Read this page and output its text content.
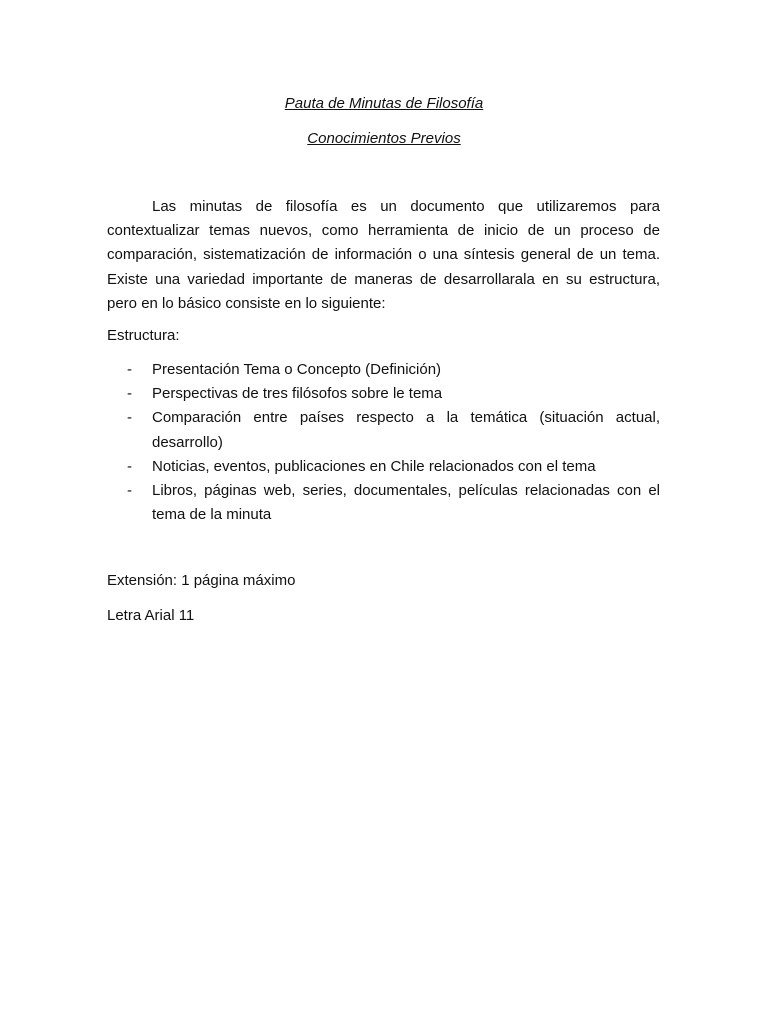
Pauta de Minutas de Filosofía
Conocimientos Previos

Las minutas de filosofía es un documento que utilizaremos para contextualizar temas nuevos, como herramienta de inicio de un proceso de comparación, sistematización de información o una síntesis general de un tema. Existe una variedad importante de maneras de desarrollarala en su estructura, pero en lo básico consiste en lo siguiente:

Estructura:

- Presentación Tema o Concepto (Definición)
- Perspectivas de tres filósofos sobre le tema
- Comparación entre países respecto a la temática (situación actual, desarrollo)
- Noticias, eventos, publicaciones en Chile relacionados con el tema
- Libros, páginas web, series, documentales, películas relacionadas con el tema de la minuta

Extensión: 1 página máximo

Letra Arial 11
